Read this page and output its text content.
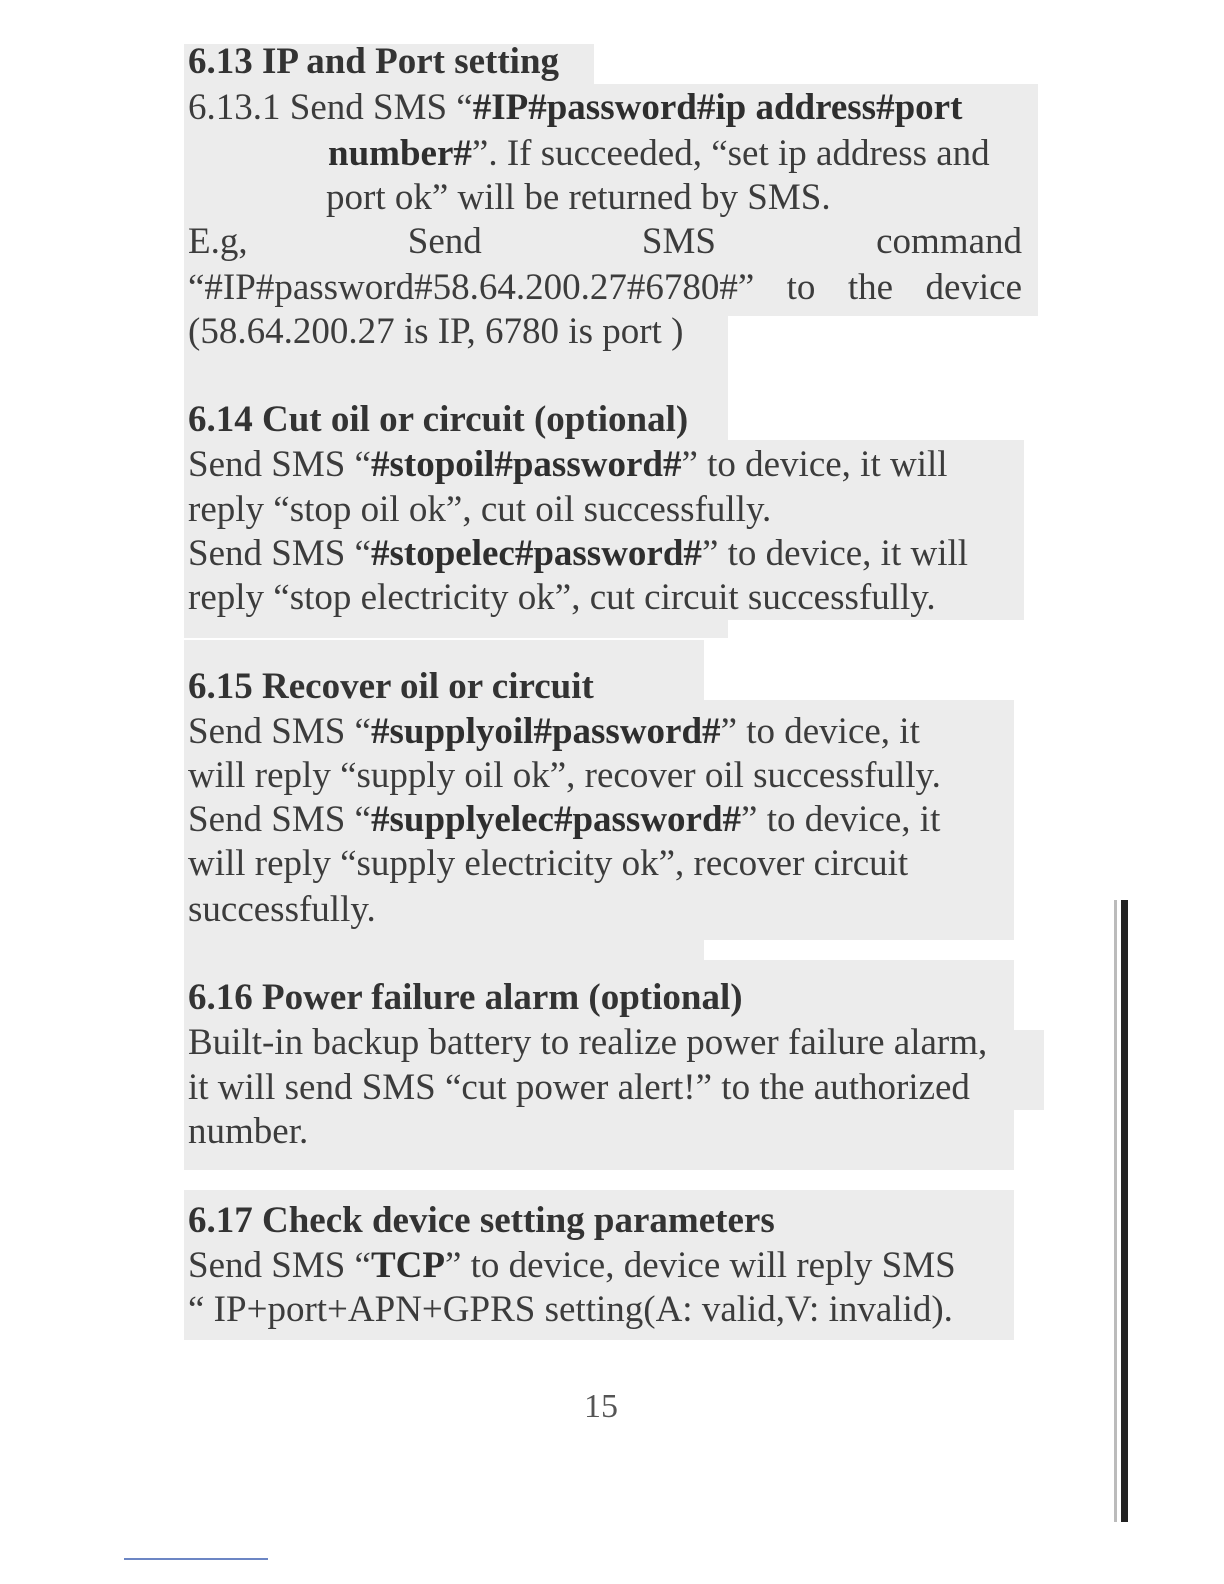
6.13 IP and Port setting
6.13.1 Send SMS “#IP#password#ip address#port
number#”. If succeeded, “set ip address and
port ok” will be returned by SMS.
E.g,	Send	SMS	command
“#IP#password#58.64.200.27#6780#” to the device
(58.64.200.27 is IP, 6780 is port )
6.14 Cut oil or circuit (optional)
Send SMS “#stopoil#password#” to device, it will
reply “stop oil ok”, cut oil successfully.
Send SMS “#stopelec#password#” to device, it will
reply “stop electricity ok”, cut circuit successfully.
6.15 Recover oil or circuit
Send SMS “#supplyoil#password#” to device, it
will reply “supply oil ok”, recover oil successfully.
Send SMS “#supplyelec#password#” to device, it
will reply “supply electricity ok”, recover circuit
successfully.
6.16 Power failure alarm (optional)
Built-in backup battery to realize power failure alarm,
it will send SMS “cut power alert!” to the authorized
number.
6.17 Check device setting parameters
Send SMS “TCP” to device, device will reply SMS
“ IP+port+APN+GPRS setting(A: valid,V: invalid).
15
